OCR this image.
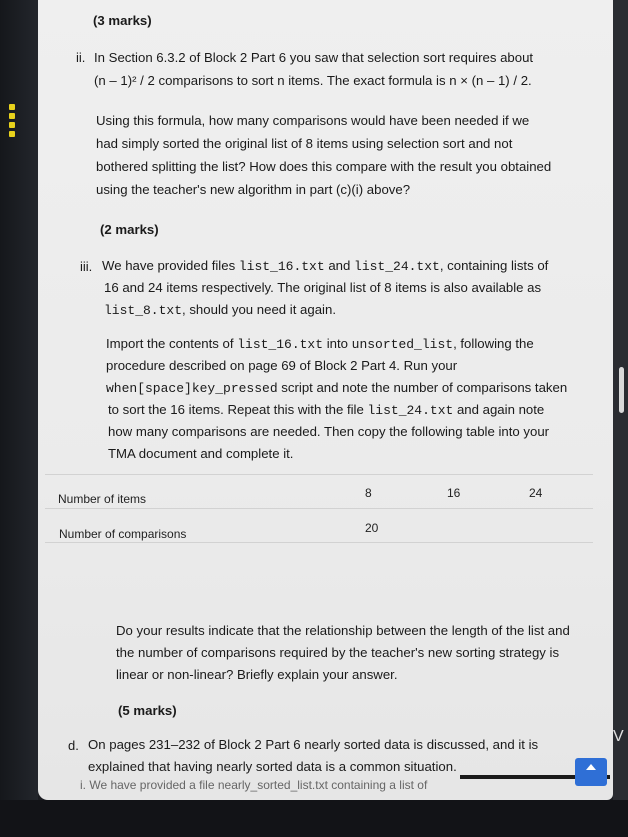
(3 marks)

ii. In Section 6.3.2 of Block 2 Part 6 you saw that selection sort requires about

(n – 1)² / 2 comparisons to sort n items. The exact formula is n × (n – 1) / 2.

Using this formula, how many comparisons would have been needed if we

had simply sorted the original list of 8 items using selection sort and not

bothered splitting the list? How does this compare with the result you obtained

using the teacher's new algorithm in part (c)(i) above?

(2 marks)

iii. We have provided files list_16.txt and list_24.txt, containing lists of

16 and 24 items respectively. The original list of 8 items is also available as

list_8.txt, should you need it again.

Import the contents of list_16.txt into unsorted_list, following the

procedure described on page 69 of Block 2 Part 4. Run your

when[space]key_pressed script and note the number of comparisons taken

to sort the 16 items. Repeat this with the file list_24.txt and again note

how many comparisons are needed. Then copy the following table into your

TMA document and complete it.

Number of items	8	16	24
Number of comparisons	20

Do your results indicate that the relationship between the length of the list and

the number of comparisons required by the teacher's new sorting strategy is

linear or non-linear? Briefly explain your answer.

(5 marks)

d. On pages 231–232 of Block 2 Part 6 nearly sorted data is discussed, and it is

explained that having nearly sorted data is a common situation.

i. We have provided a file nearly_sorted_list.txt containing a list of
V
